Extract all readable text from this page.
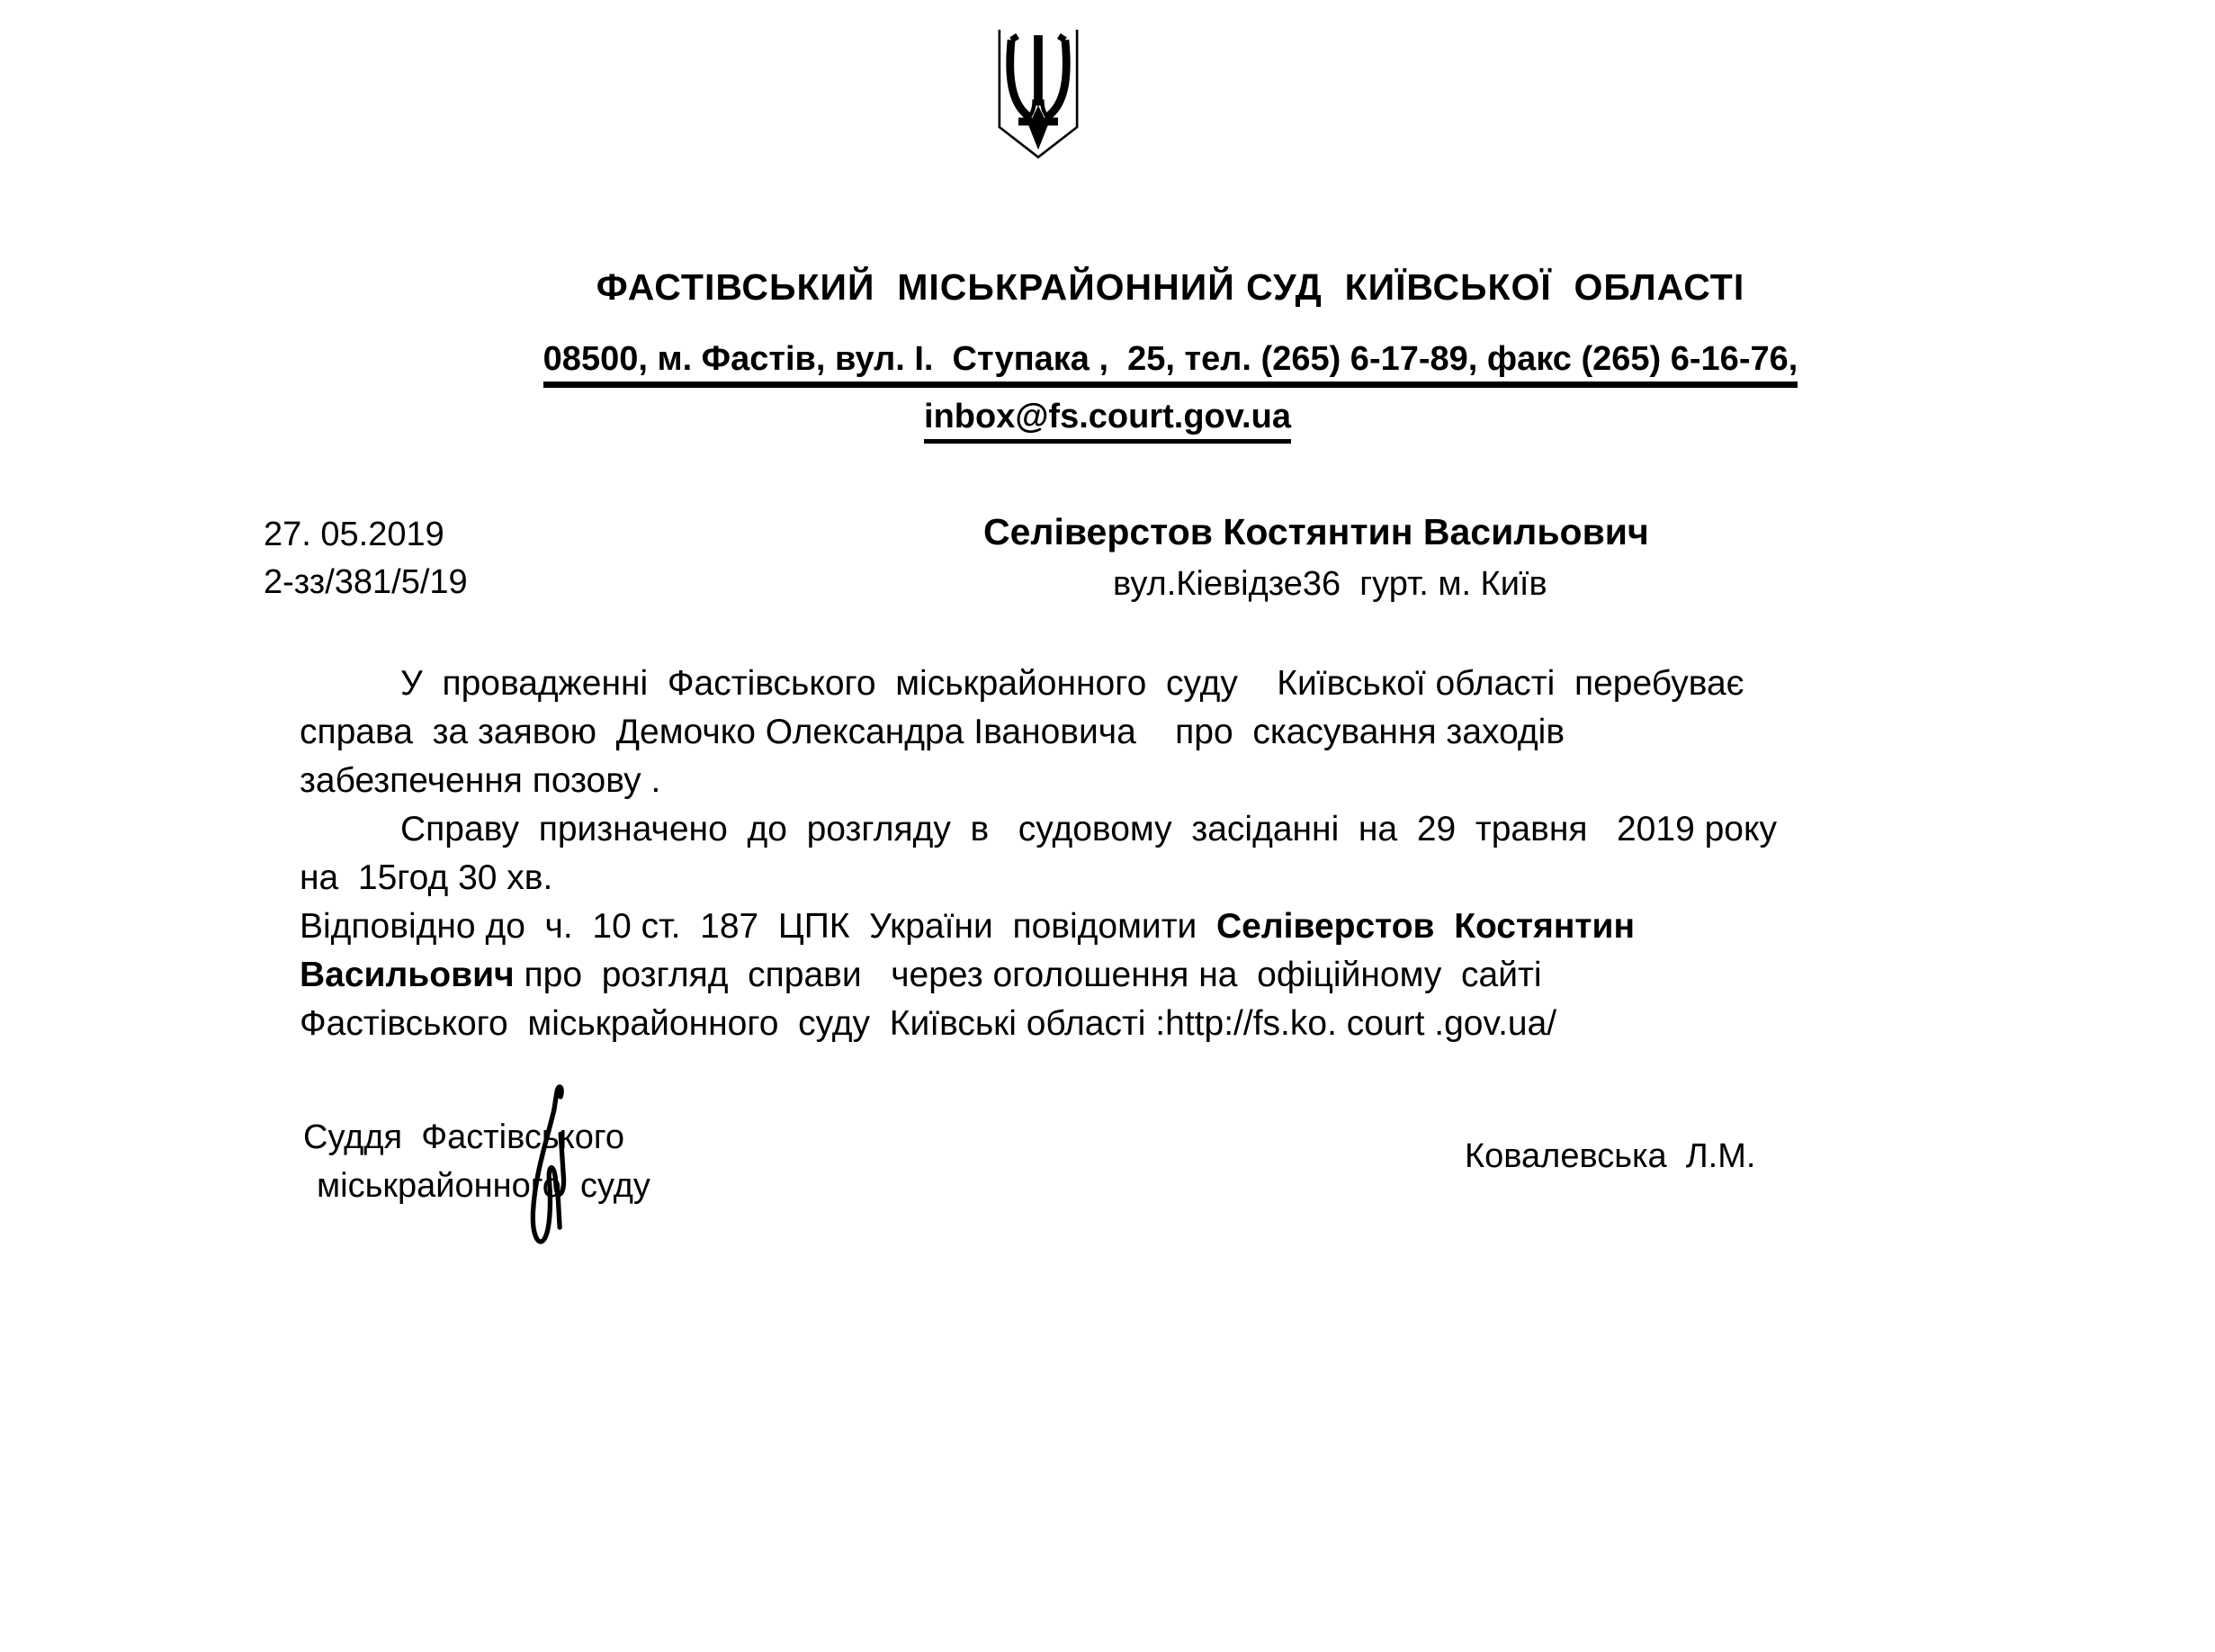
ФАСТІВСЬКИЙ  МІСЬКРАЙОННИЙ СУД  КИЇВСЬКОЇ  ОБЛАСТІ
08500, м. Фастів, вул. І.  Ступака ,  25, тел. (265) 6-17-89, факс (265) 6-16-76,
inbox@fs.court.gov.ua
27. 05.2019
2-зз/381/5/19
Селіверстов Костянтин Васильович
вул.Кіевідзе36  гурт. м. Київ
У  провадженні  Фастівського  міськрайонного  суду    Київської області  перебуває
справа  за заявою  Демочко Олександра Івановича    про  скасування заходів
забезпечення позову .
Справу  призначено  до  розгляду  в   судовому  засіданні  на  29  травня   2019 року
на  15год 30 хв.
Відповідно до  ч.  10 ст.  187  ЦПК  України  повідомити  Селіверстов  Костянтин
Васильович про  розгляд  справи   через оголошення на  офіційному  сайті
Фастівського  міськрайонного  суду  Київські області :http://fs.ko. court .gov.ua/
Суддя  Фастівського
міськрайонного  суду
Ковалевська  Л.М.
